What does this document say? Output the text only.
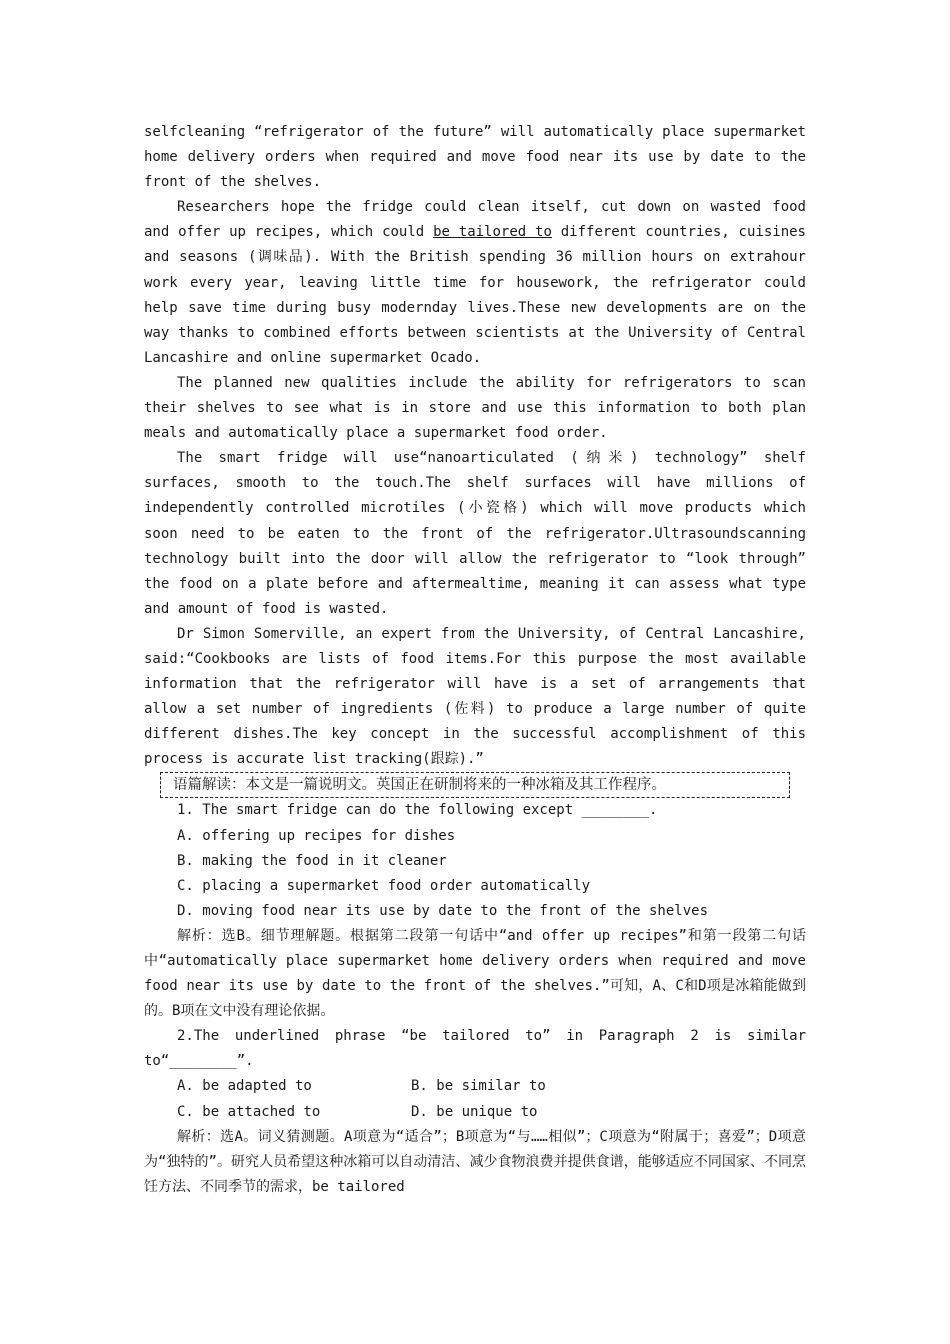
selfcleaning “refrigerator of the future” will automatically place supermarket home delivery orders when required and move food near its use by date to the front of the shelves.

Researchers hope the fridge could clean itself, cut down on wasted food and offer up recipes, which could be tailored to different countries, cuisines and seasons (调味品). With the British spending 36 million hours on extrahour work every year, leaving little time for housework, the refrigerator could help save time during busy modernday lives.These new developments are on the way thanks to combined efforts between scientists at the University of Central Lancashire and online supermarket Ocado.

The planned new qualities include the ability for refrigerators to scan their shelves to see what is in store and use this information to both plan meals and automatically place a supermarket food order.

The smart fridge will use“nanoarticulated (纳米) technology” shelf surfaces, smooth to the touch.The shelf surfaces will have millions of independently controlled microtiles (小瓷格) which will move products which soon need to be eaten to the front of the refrigerator.Ultrasoundscanning technology built into the door will allow the refrigerator to “look through” the food on a plate before and aftermealtime, meaning it can assess what type and amount of food is wasted.

Dr Simon Somerville, an expert from the University, of Central Lancashire, said:“Cookbooks are lists of food items.For this purpose the most available information that the refrigerator will have is a set of arrangements that allow a set number of ingredients (佐料) to produce a large number of quite different dishes.The key concept in the successful accomplishment of this process is accurate list tracking(跟踪).”

语篇解读：本文是一篇说明文。英国正在研制将来的一种冰箱及其工作程序。

1. The smart fridge can do the following except ________.

A. offering up recipes for dishes

B. making the food in it cleaner

C. placing a supermarket food order automatically

D. moving food near its use by date to the front of the shelves

解析：选B。细节理解题。根据第二段第一句话中“and offer up recipes”和第一段第二句话中“automatically place supermarket home delivery orders when required and move food near its use by date to the front of the shelves.”可知，A、C和D项是冰箱能做到的。B项在文中没有理论依据。

2.The underlined phrase “be tailored to” in Paragraph 2 is similar to“________”.

A. be adapted to	B. be similar to
C. be attached to	D. be unique to

解析：选A。词义猜测题。A项意为“适合”；B项意为“与……相似”；C项意为“附属于；喜爱”；D项意为“独特的”。研究人员希望这种冰箱可以自动清洁、减少食物浪费并提供食谱，能够适应不同国家、不同烹饪方法、不同季节的需求，be tailored
